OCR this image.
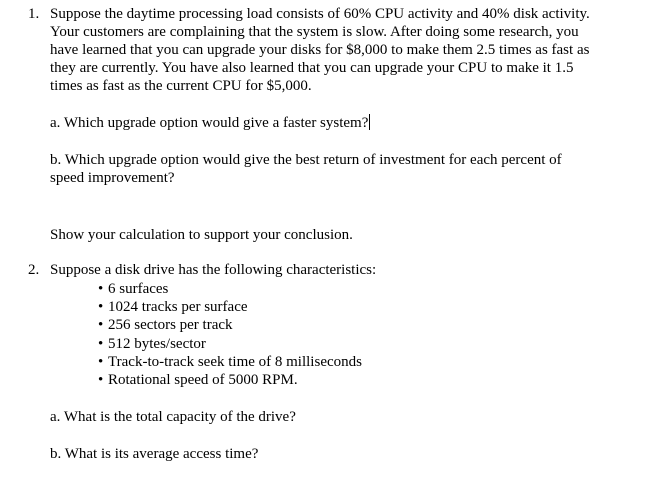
1. Suppose the daytime processing load consists of 60% CPU activity and 40% disk activity.
Your customers are complaining that the system is slow. After doing some research, you
have learned that you can upgrade your disks for $8,000 to make them 2.5 times as fast as
they are currently. You have also learned that you can upgrade your CPU to make it 1.5
times as fast as the current CPU for $5,000.
a. Which upgrade option would give a faster system?
b. Which upgrade option would give the best return of investment for each percent of
speed improvement?
Show your calculation to support your conclusion.
2. Suppose a disk drive has the following characteristics:
• 6 surfaces
• 1024 tracks per surface
• 256 sectors per track
• 512 bytes/sector
• Track-to-track seek time of 8 milliseconds
• Rotational speed of 5000 RPM.
a. What is the total capacity of the drive?
b. What is its average access time?
